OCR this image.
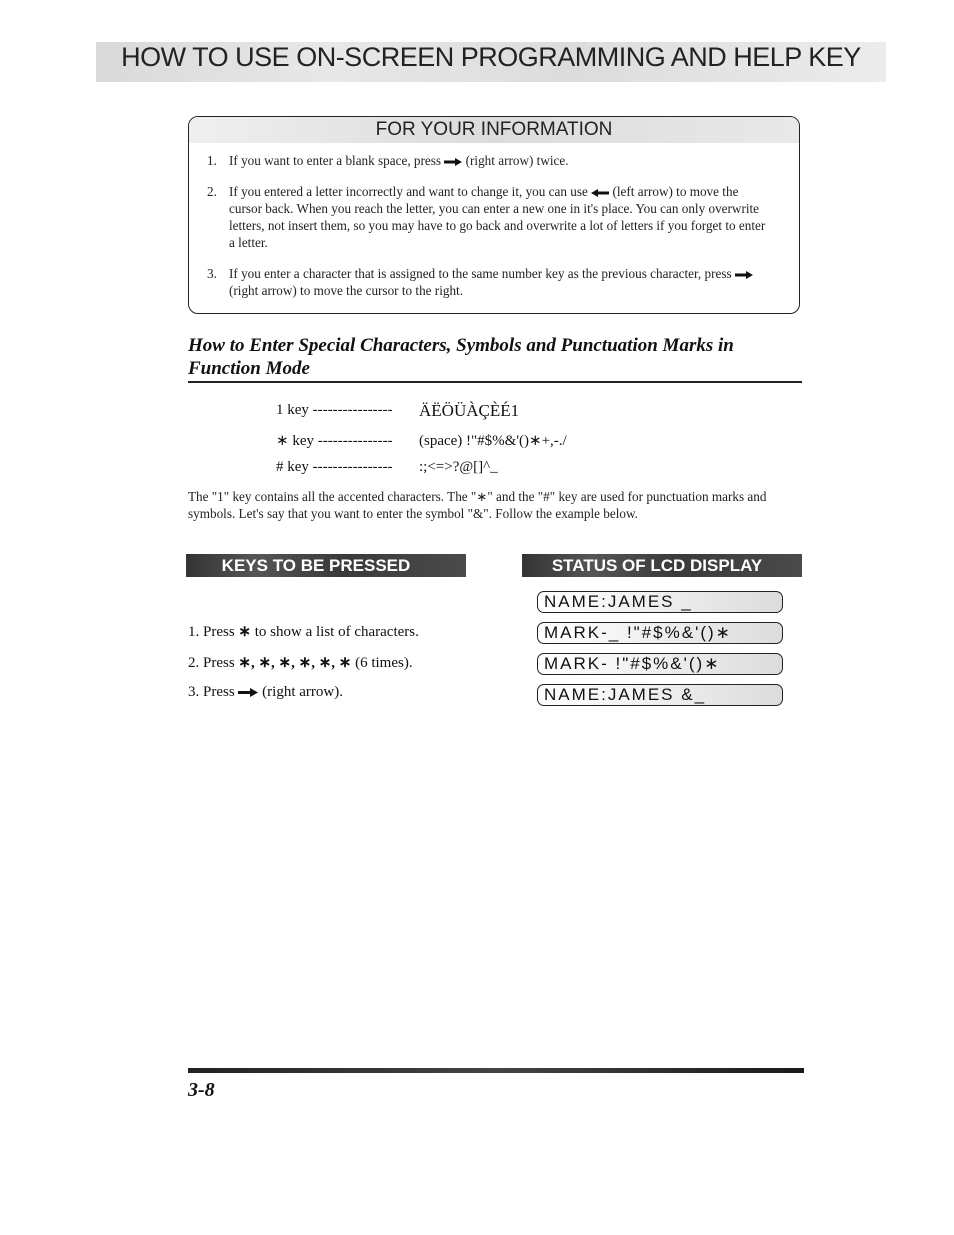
HOW TO USE ON-SCREEN PROGRAMMING AND HELP KEY
FOR YOUR INFORMATION
1. If you want to enter a blank space, press (right arrow) twice.
2. If you entered a letter incorrectly and want to change it, you can use (left arrow) to move the cursor back. When you reach the letter, you can enter a new one in it's place. You can only overwrite letters, not insert them, so you may have to go back and overwrite a lot of letters if you forget to enter a letter.
3. If you enter a character that is assigned to the same number key as the previous character, press  (right arrow) to move the cursor to the right.
How to Enter Special Characters, Symbols and Punctuation Marks in Function Mode
1 key ---------------- ÄËÖÜÀÇÈÉ1
∗ key --------------- (space) !"#$%&'()∗+,-./
# key ---------------- :;<=>?@[]^_
The "1" key contains all the accented characters. The "∗" and the "#" key are used for punctuation marks and symbols. Let's say that you want to enter the symbol "&". Follow the example below.
KEYS TO BE PRESSED	STATUS OF LCD DISPLAY
1. Press ∗ to show a list of characters.
2. Press ∗, ∗, ∗, ∗, ∗, ∗ (6 times).
3. Press  (right arrow).
NAME:JAMES _
MARK-_ !"#$%&'()∗
MARK- !"#$%&'()∗
NAME:JAMES &_
3-8
